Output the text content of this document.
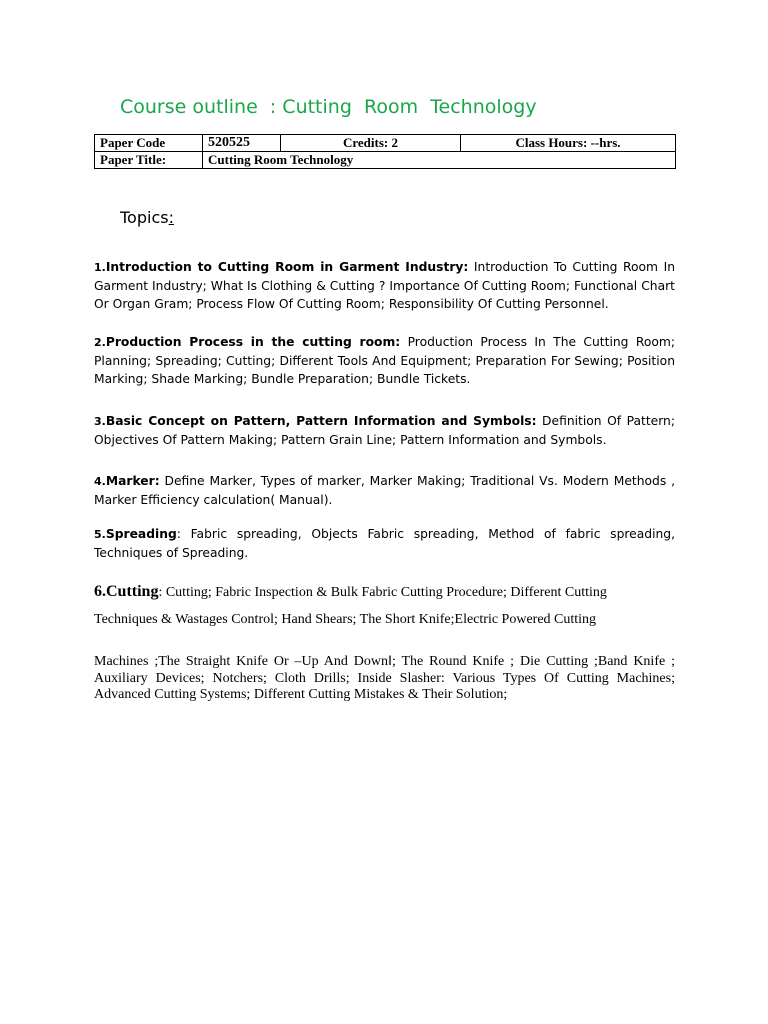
Course outline  : Cutting  Room  Technology
Paper Code	520525	Credits: 2	Class Hours: --hrs.
Paper Title:	Cutting Room Technology		

Topics:

1.Introduction to Cutting Room in Garment Industry: Introduction To Cutting Room In Garment Industry; What Is Clothing & Cutting ? Importance Of Cutting Room; Functional Chart Or Organ Gram; Process Flow Of Cutting Room; Responsibility Of Cutting Personnel.

2.Production Process in the cutting room: Production Process In The Cutting Room; Planning; Spreading; Cutting; Different Tools And Equipment; Preparation For Sewing; Position Marking; Shade Marking; Bundle Preparation; Bundle Tickets.

3.Basic Concept on Pattern, Pattern Information and Symbols: Definition Of Pattern; Objectives Of Pattern Making; Pattern Grain Line; Pattern Information and Symbols.

4.Marker: Define Marker, Types of marker, Marker Making; Traditional Vs. Modern Methods , Marker Efficiency calculation( Manual).

5.Spreading: Fabric spreading, Objects Fabric spreading, Method of fabric spreading, Techniques of Spreading.

6.Cutting: Cutting; Fabric Inspection & Bulk Fabric Cutting Procedure; Different Cutting

Techniques & Wastages Control; Hand Shears; The Short Knife;Electric Powered Cutting

Machines ;The Straight Knife Or –Up And Down‖; The Round Knife ; Die Cutting ;Band Knife ; Auxiliary Devices; Notchers; Cloth Drills; Inside Slasher: Various Types Of Cutting Machines; Advanced Cutting Systems; Different Cutting Mistakes & Their Solution;
